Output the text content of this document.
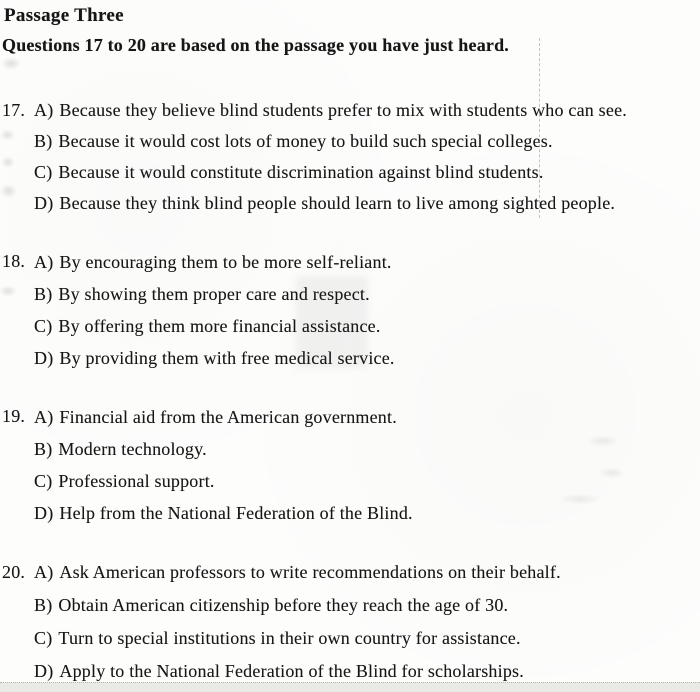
Passage Three
Questions 17 to 20 are based on the passage you have just heard.
17. A) Because they believe blind students prefer to mix with students who can see.
B) Because it would cost lots of money to build such special colleges.
C) Because it would constitute discrimination against blind students.
D) Because they think blind people should learn to live among sighted people.
18. A) By encouraging them to be more self-reliant.
B) By showing them proper care and respect.
C) By offering them more financial assistance.
D) By providing them with free medical service.
19. A) Financial aid from the American government.
B) Modern technology.
C) Professional support.
D) Help from the National Federation of the Blind.
20. A) Ask American professors to write recommendations on their behalf.
B) Obtain American citizenship before they reach the age of 30.
C) Turn to special institutions in their own country for assistance.
D) Apply to the National Federation of the Blind for scholarships.
